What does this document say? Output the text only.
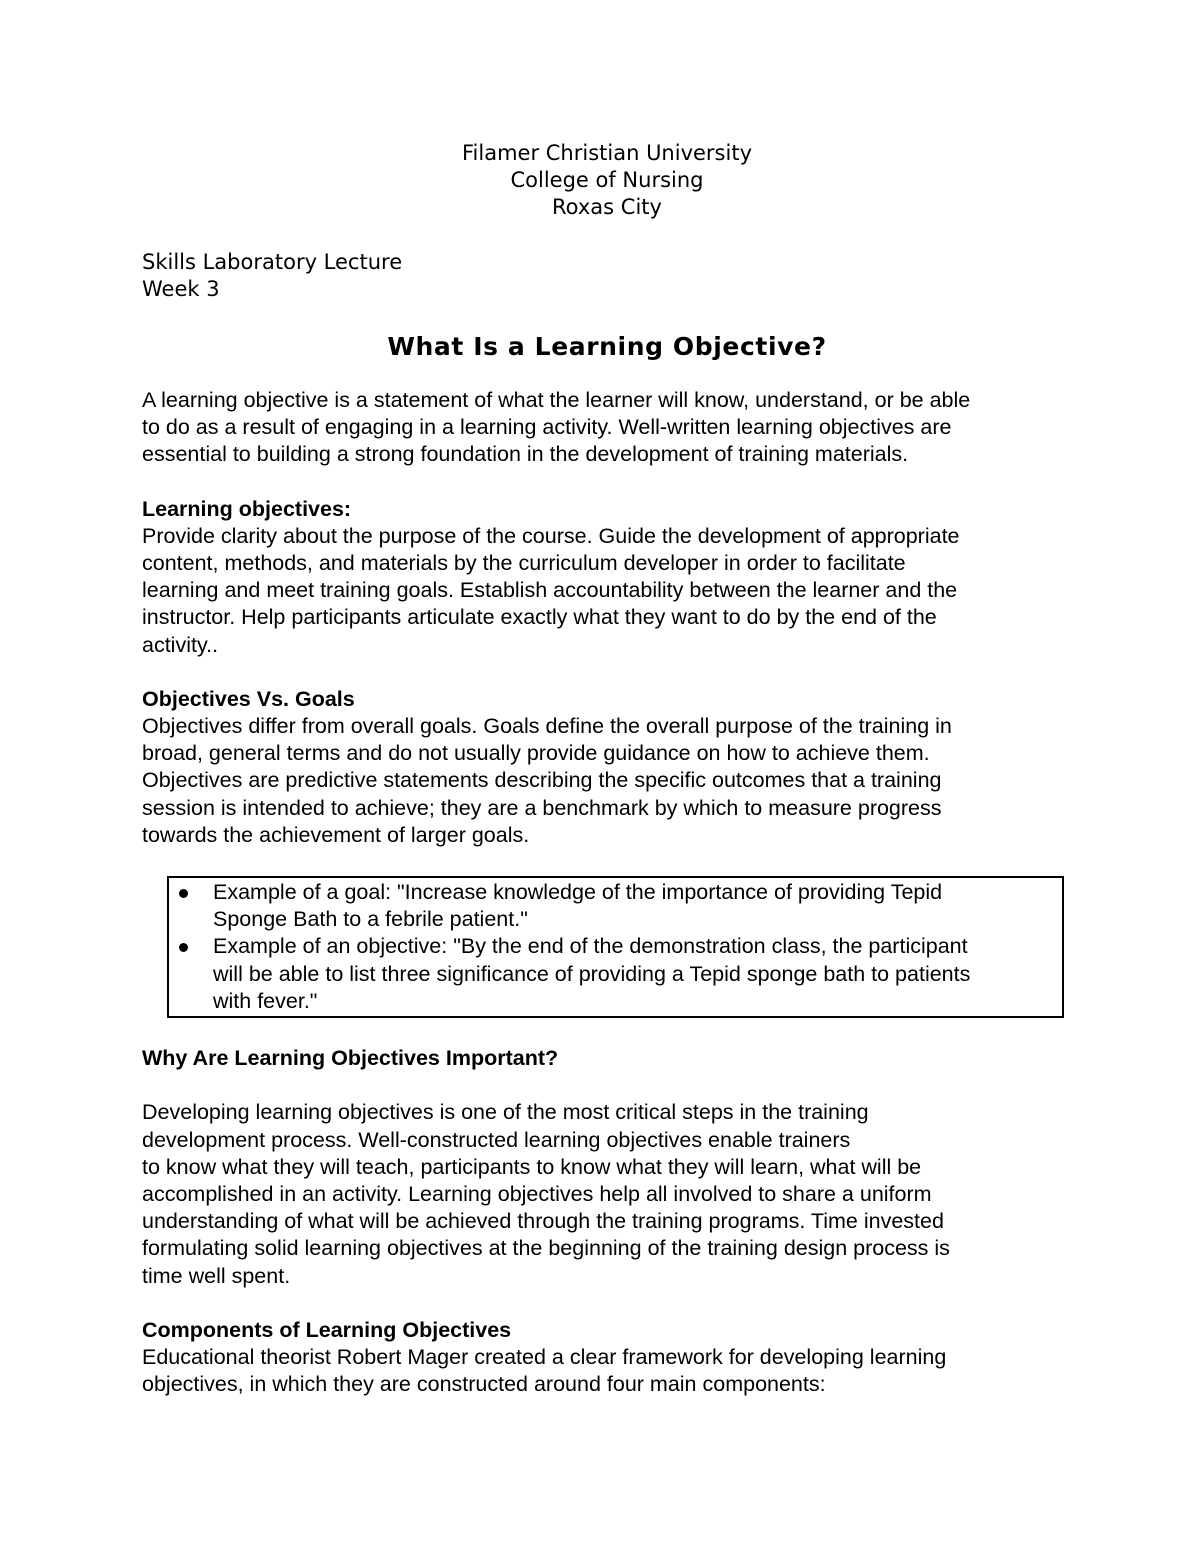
Filamer Christian University
College of Nursing
Roxas City
Skills Laboratory Lecture
Week 3
What Is a Learning Objective?
A learning objective is a statement of what the learner will know, understand, or be able
to do as a result of engaging in a learning activity. Well-written learning objectives are
essential to building a strong foundation in the development of training materials.
Learning objectives:
Provide clarity about the purpose of the course. Guide the development of appropriate
content, methods, and materials by the curriculum developer in order to facilitate
learning and meet training goals. Establish accountability between the learner and the
instructor. Help participants articulate exactly what they want to do by the end of the
activity..
Objectives Vs. Goals
Objectives differ from overall goals. Goals define the overall purpose of the training in
broad, general terms and do not usually provide guidance on how to achieve them.
Objectives are predictive statements describing the specific outcomes that a training
session is intended to achieve; they are a benchmark by which to measure progress
towards the achievement of larger goals.
Example of a goal: "Increase knowledge of the importance of providing Tepid
Sponge Bath to a febrile patient."
Example of an objective: "By the end of the demonstration class, the participant
will be able to list three significance of providing a Tepid sponge bath to patients
with fever."
Why Are Learning Objectives Important?
Developing learning objectives is one of the most critical steps in the training
development process. Well-constructed learning objectives enable trainers
to know what they will teach, participants to know what they will learn, what will be
accomplished in an activity. Learning objectives help all involved to share a uniform
understanding of what will be achieved through the training programs. Time invested
formulating solid learning objectives at the beginning of the training design process is
time well spent.
Components of Learning Objectives
Educational theorist Robert Mager created a clear framework for developing learning
objectives, in which they are constructed around four main components:
